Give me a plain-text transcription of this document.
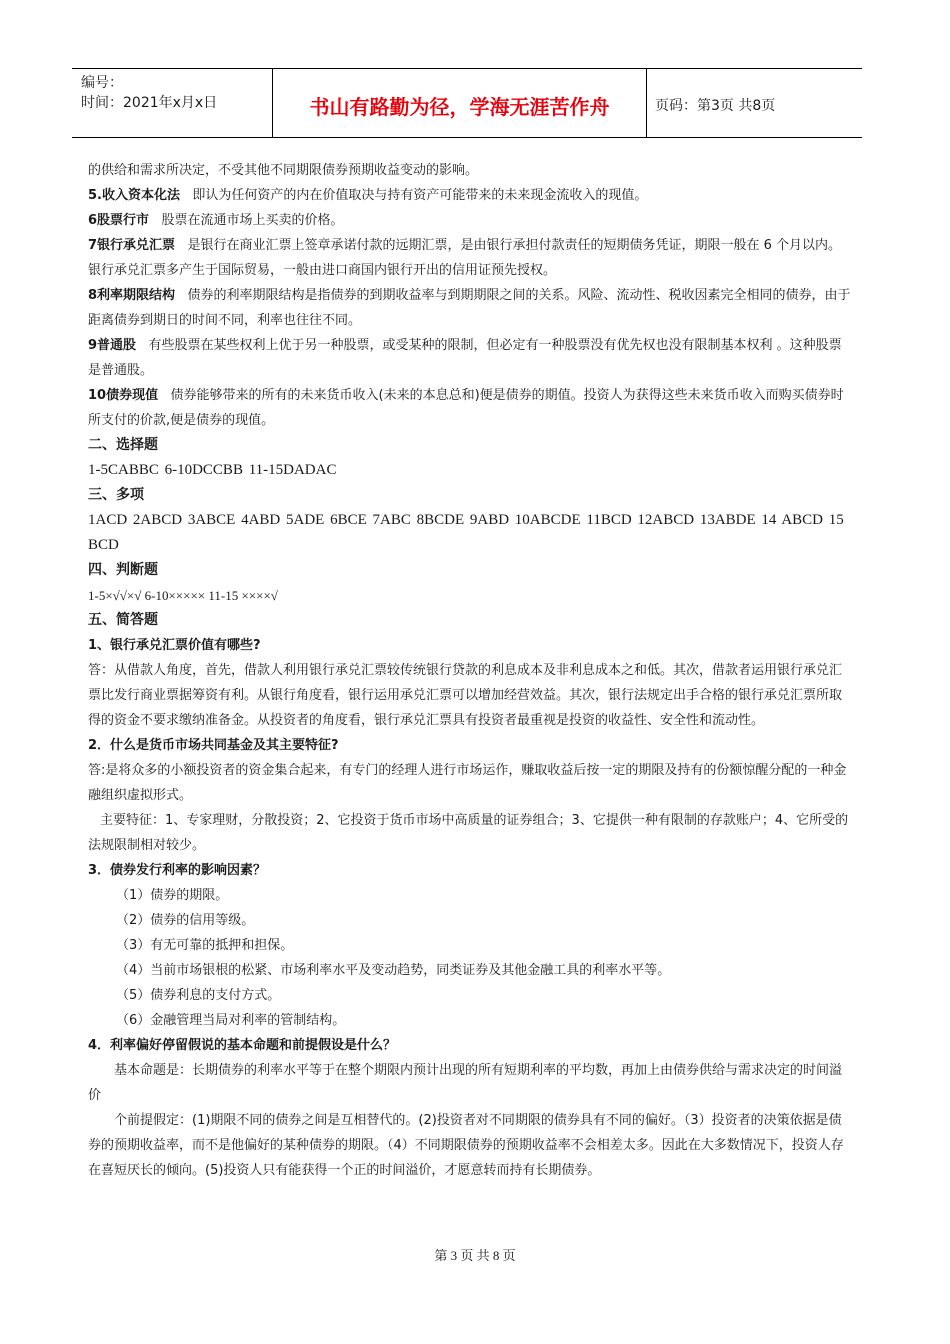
编号：
时间：2021年x月x日	书山有路勤为径，学海无涯苦作舟	页码：第3页 共8页

的供给和需求所决定，不受其他不同期限债券预期收益变动的影响。

5.收入资本化法 即认为任何资产的内在价值取决与持有资产可能带来的未来现金流收入的现值。

6股票行市 股票在流通市场上买卖的价格。

7银行承兑汇票 是银行在商业汇票上签章承诺付款的远期汇票，是由银行承担付款责任的短期债务凭证，期限一般在 6 个月以内。银行承兑汇票多产生于国际贸易，一般由进口商国内银行开出的信用证预先授权。

8利率期限结构 债券的利率期限结构是指债券的到期收益率与到期期限之间的关系。风险、流动性、税收因素完全相同的债券，由于距离债券到期日的时间不同，利率也往往不同。

9普通股 有些股票在某些权利上优于另一种股票，或受某种的限制，但必定有一种股票没有优先权也没有限制基本权利 。这种股票是普通股。

10债券现值 债券能够带来的所有的未来货币收入(未来的本息总和)便是债券的期值。投资人为获得这些未来货币收入而购买债券时所支付的价款,便是债券的现值。

二、选择题

1-5CABBC 6-10DCCBB 11-15DADAC

三、多项

1ACD 2ABCD 3ABCE 4ABD 5ADE 6BCE 7ABC 8BCDE 9ABD 10ABCDE 11BCD 12ABCD 13ABDE 14 ABCD 15 BCD

四、判断题

1-5×√√×√ 6-10××××× 11-15 ××××√

五、简答题

1、银行承兑汇票价值有哪些?

答：从借款人角度，首先，借款人利用银行承兑汇票较传统银行贷款的利息成本及非利息成本之和低。其次，借款者运用银行承兑汇票比发行商业票据筹资有利。从银行角度看，银行运用承兑汇票可以增加经营效益。其次，银行法规定出手合格的银行承兑汇票所取得的资金不要求缴纳准备金。从投资者的角度看，银行承兑汇票具有投资者最重视是投资的收益性、安全性和流动性。

2．什么是货币市场共同基金及其主要特征?

答:是将众多的小额投资者的资金集合起来，有专门的经理人进行市场运作，赚取收益后按一定的期限及持有的份额惊醒分配的一种金融组织虚拟形式。

主要特征：1、专家理财，分散投资；2、它投资于货币市场中高质量的证券组合；3、它提供一种有限制的存款账户；4、它所受的法规限制相对较少。

3．债券发行利率的影响因素？

（1）债券的期限。

（2）债券的信用等级。

（3）有无可靠的抵押和担保。

（4）当前市场银根的松紧、市场利率水平及变动趋势，同类证券及其他金融工具的利率水平等。

（5）债券利息的支付方式。

（6）金融管理当局对利率的管制结构。

4．利率偏好停留假说的基本命题和前提假设是什么？

基本命题是：长期债券的利率水平等于在整个期限内预计出现的所有短期利率的平均数，再加上由债券供给与需求决定的时间溢价

个前提假定：(1)期限不同的债券之间是互相替代的。(2)投资者对不同期限的债券具有不同的偏好。（3）投资者的决策依据是债券的预期收益率，而不是他偏好的某种债券的期限。（4）不同期限债券的预期收益率不会相差太多。因此在大多数情况下，投资人存在喜短厌长的倾向。(5)投资人只有能获得一个正的时间溢价，才愿意转而持有长期债券。

第 3 页 共 8 页
